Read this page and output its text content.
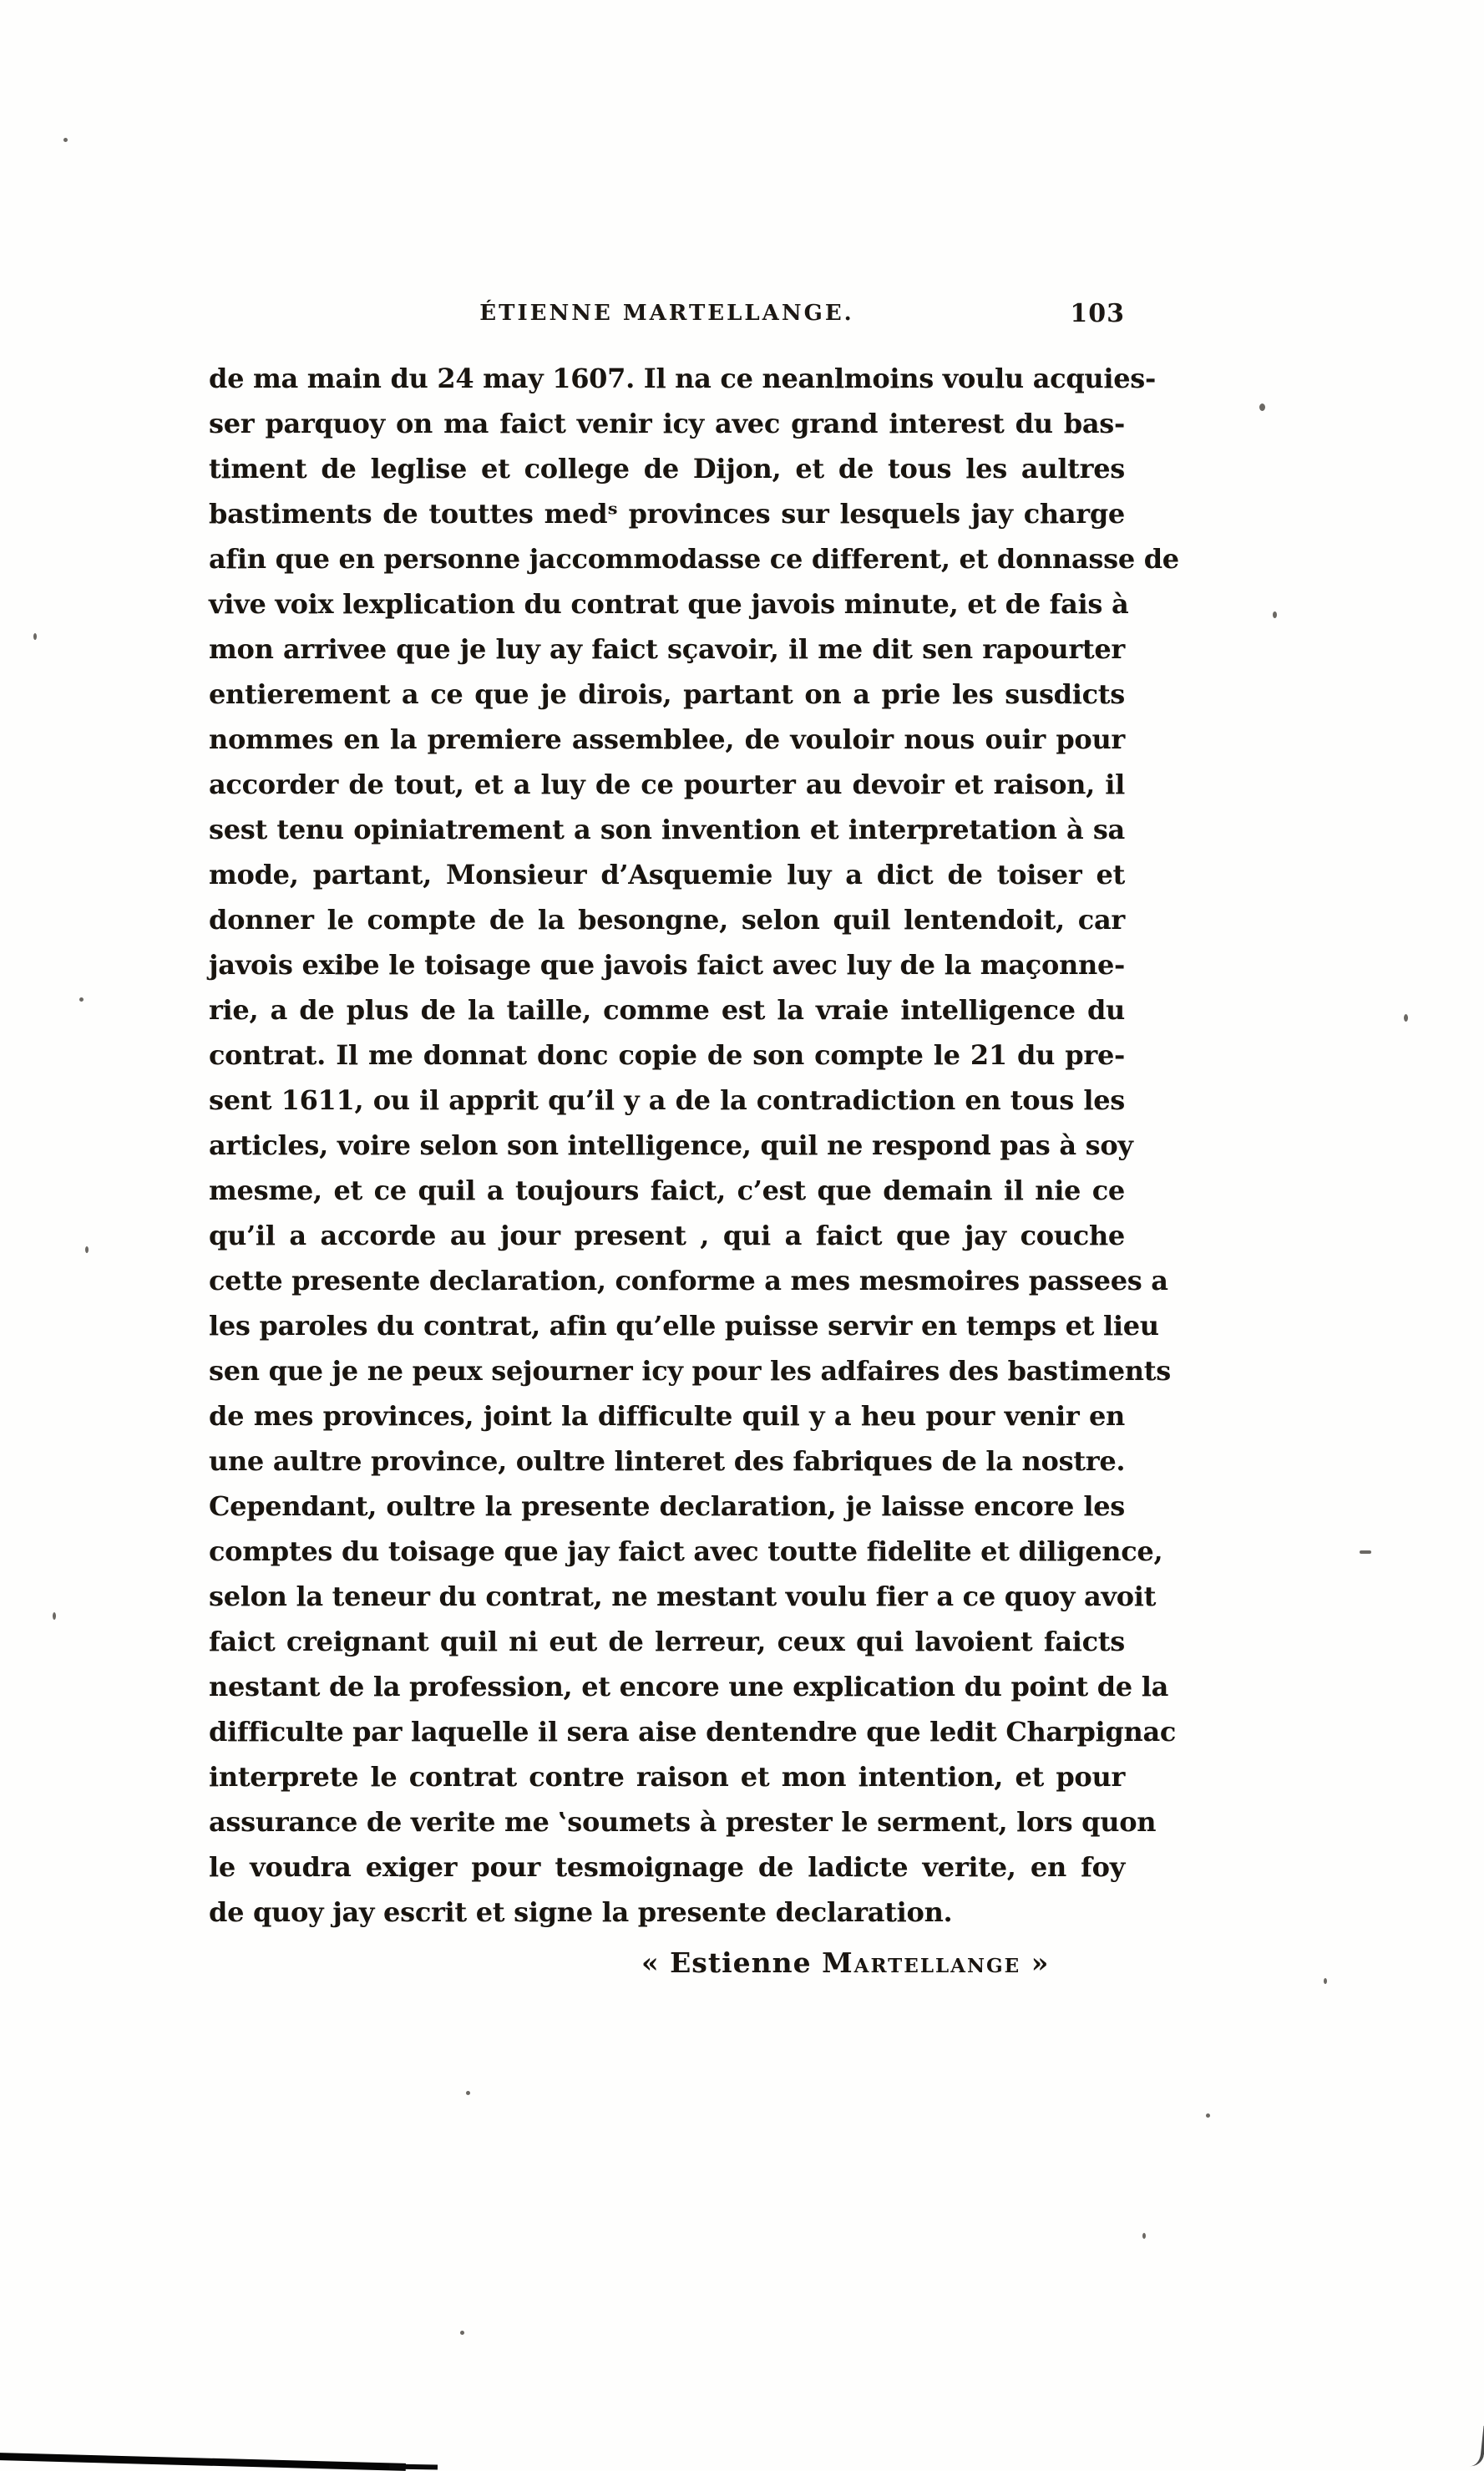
ÉTIENNE MARTELLANGE.	103
de ma main du 24 may 1607. Il na ce neanlmoins voulu acquies-
ser parquoy on ma faict venir icy avec grand interest du bas-
timent de leglise et college de Dijon, et de tous les aultres
bastiments de touttes medˢ provinces sur lesquels jay charge
afin que en personne jaccommodasse ce different, et donnasse de
vive voix lexplication du contrat que javois minute, et de fais à
mon arrivee que je luy ay faict sçavoir, il me dit sen rapourter
entierement a ce que je dirois, partant on a prie les susdicts
nommes en la premiere assemblee, de vouloir nous ouir pour
accorder de tout, et a luy de ce pourter au devoir et raison, il
sest tenu opiniatrement a son invention et interpretation à sa
mode, partant, Monsieur d’Asquemie luy a dict de toiser et
donner le compte de la besongne, selon quil lentendoit, car
javois exibe le toisage que javois faict avec luy de la maçonne-
rie, a de plus de la taille, comme est la vraie intelligence du
contrat. Il me donnat donc copie de son compte le 21 du pre-
sent 1611, ou il apprit qu’il y a de la contradiction en tous les
articles, voire selon son intelligence, quil ne respond pas à soy
mesme, et ce quil a toujours faict, c’est que demain il nie ce
qu’il a accorde au jour present , qui a faict que jay couche
cette presente declaration, conforme a mes mesmoires passees a
les paroles du contrat, afin qu’elle puisse servir en temps et lieu
sen que je ne peux sejourner icy pour les adfaires des bastiments
de mes provinces, joint la difficulte quil y a heu pour venir en
une aultre province, oultre linteret des fabriques de la nostre.
Cependant, oultre la presente declaration, je laisse encore les
comptes du toisage que jay faict avec toutte fidelite et diligence,
selon la teneur du contrat, ne mestant voulu fier a ce quoy avoit
faict creignant quil ni eut de lerreur, ceux qui lavoient faicts
nestant de la profession, et encore une explication du point de la
difficulte par laquelle il sera aise dentendre que ledit Charpignac
interprete le contrat contre raison et mon intention, et pour
assurance de verite me ‛soumets à prester le serment, lors quon
le voudra exiger pour tesmoignage de ladicte verite, en foy
de quoy jay escrit et signe la presente declaration.
« Estienne Martellange »
